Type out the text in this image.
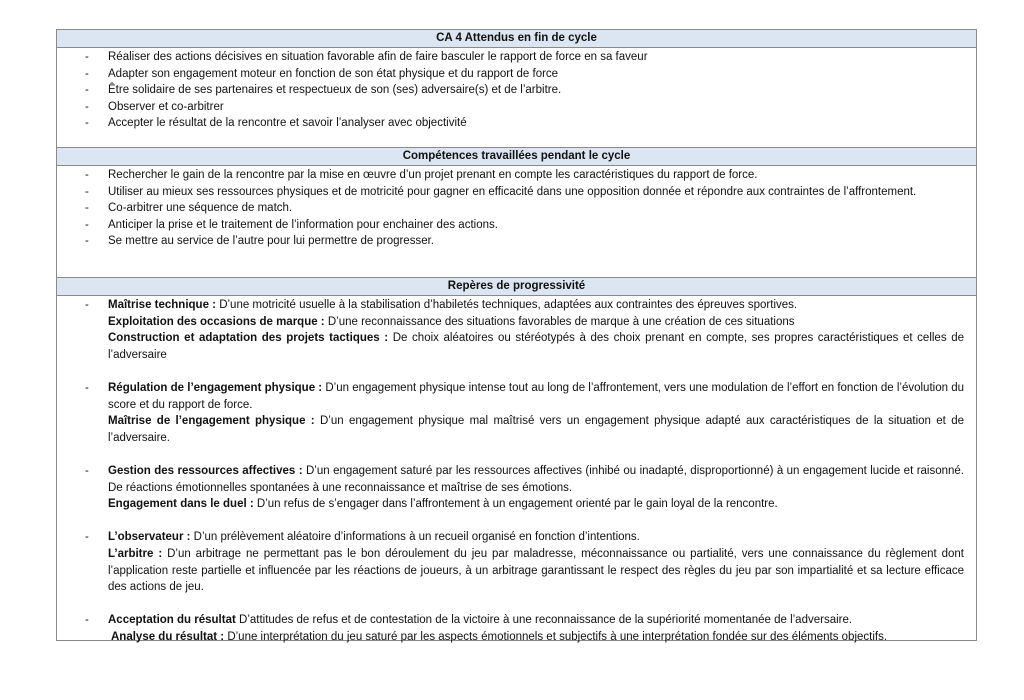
CA 4 Attendus en fin de cycle
- Réaliser des actions décisives en situation favorable afin de faire basculer le rapport de force en sa faveur
- Adapter son engagement moteur en fonction de son état physique et du rapport de force
- Être solidaire de ses partenaires et respectueux de son (ses) adversaire(s) et de l’arbitre.
- Observer et co-arbitrer
- Accepter le résultat de la rencontre et savoir l’analyser avec objectivité
Compétences travaillées pendant le cycle
- Rechercher le gain de la rencontre par la mise en œuvre d’un projet prenant en compte les caractéristiques du rapport de force.
- Utiliser au mieux ses ressources physiques et de motricité pour gagner en efficacité dans une opposition donnée et répondre aux contraintes de l’affrontement.
- Co-arbitrer une séquence de match.
- Anticiper la prise et le traitement de l’information pour enchainer des actions.
- Se mettre au service de l’autre pour lui permettre de progresser.
Repères de progressivité
- Maîtrise technique : D’une motricité usuelle à la stabilisation d’habiletés techniques, adaptées aux contraintes des épreuves sportives.
Exploitation des occasions de marque : D’une reconnaissance des situations favorables de marque à une création de ces situations
Construction et adaptation des projets tactiques : De choix aléatoires ou stéréotypés à des choix prenant en compte, ses propres caractéristiques et celles de l’adversaire
- Régulation de l’engagement physique : D’un engagement physique intense tout au long de l’affrontement, vers une modulation de l’effort en fonction de l’évolution du score et du rapport de force.
Maîtrise de l’engagement physique : D’un engagement physique mal maîtrisé vers un engagement physique adapté aux caractéristiques de la situation et de l’adversaire.
- Gestion des ressources affectives : D’un engagement saturé par les ressources affectives (inhibé ou inadapté, disproportionné) à un engagement lucide et raisonné. De réactions émotionnelles spontanées à une reconnaissance et maîtrise de ses émotions.
Engagement dans le duel : D’un refus de s’engager dans l’affrontement à un engagement orienté par le gain loyal de la rencontre.
- L’observateur : D’un prélèvement aléatoire d’informations à un recueil organisé en fonction d’intentions.
L’arbitre : D’un arbitrage ne permettant pas le bon déroulement du jeu par maladresse, méconnaissance ou partialité, vers une connaissance du règlement dont l’application reste partielle et influencée par les réactions de joueurs, à un arbitrage garantissant le respect des règles du jeu par son impartialité et sa lecture efficace des actions de jeu.
- Acceptation du résultat D’attitudes de refus et de contestation de la victoire à une reconnaissance de la supériorité momentanée de l’adversaire.
Analyse du résultat : D’une interprétation du jeu saturé par les aspects émotionnels et subjectifs à une interprétation fondée sur des éléments objectifs.
